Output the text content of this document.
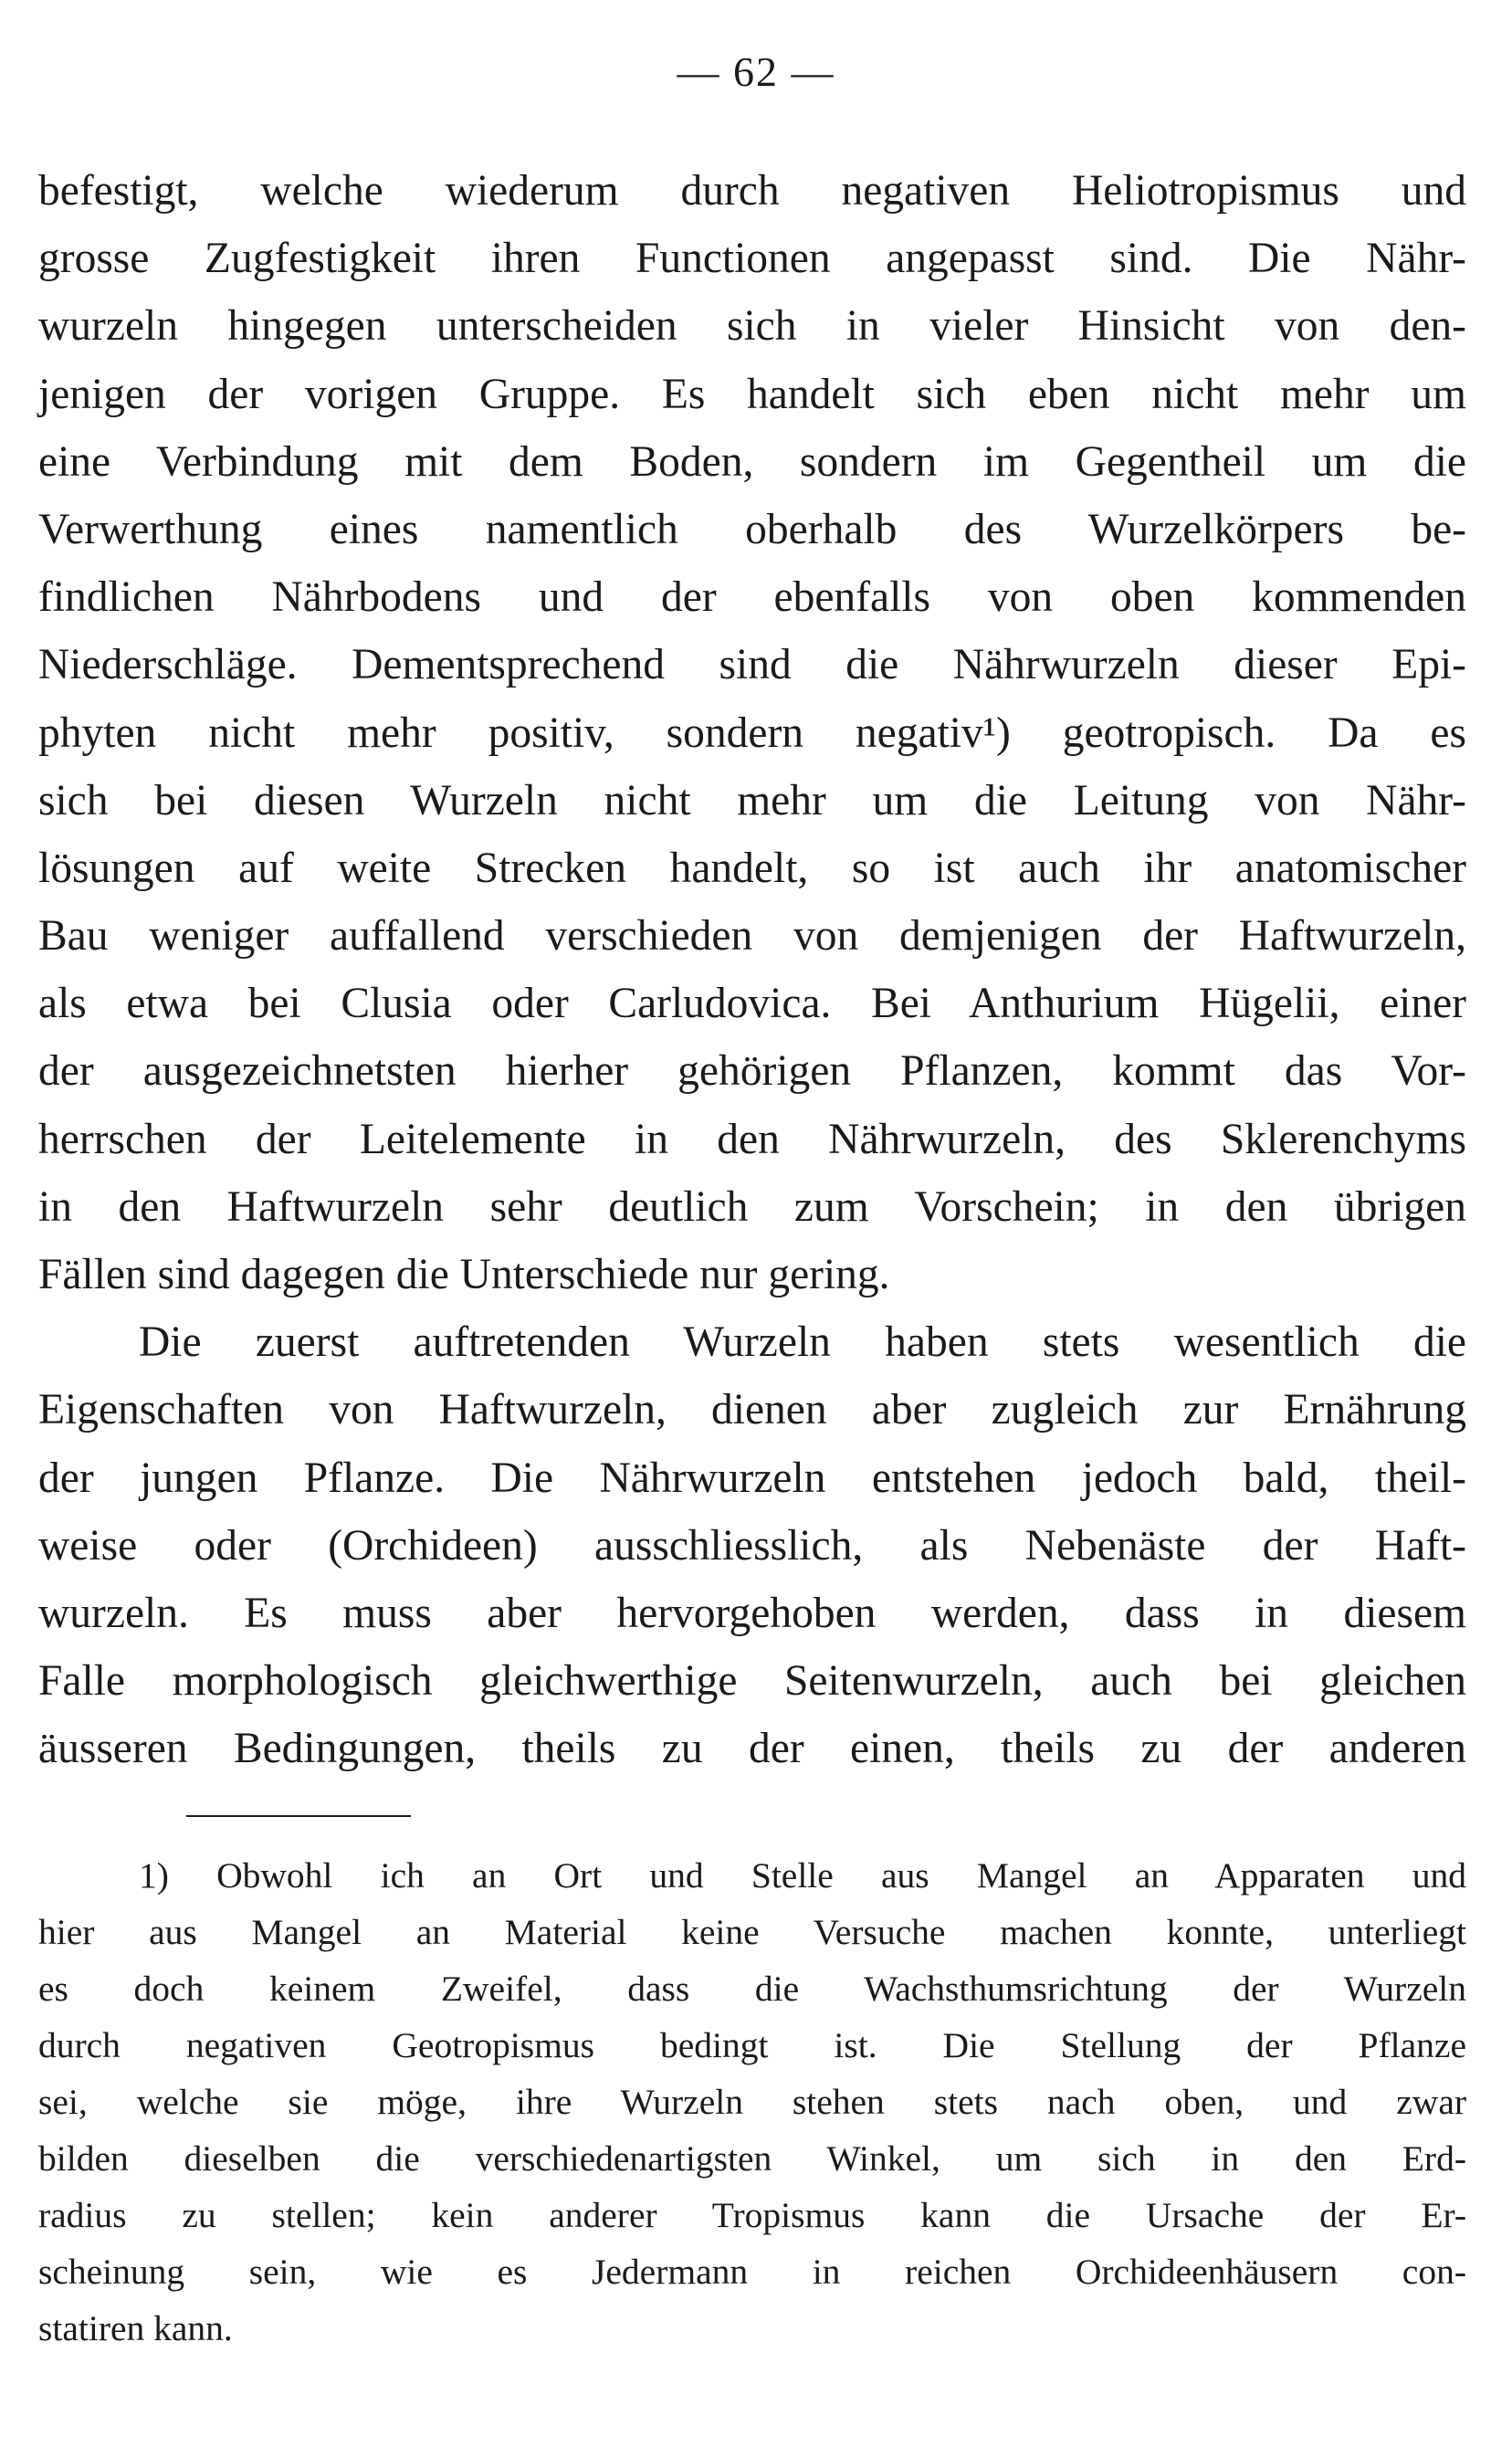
— 62 —
befestigt, welche wiederum durch negativen Heliotropismus und
grosse Zugfestigkeit ihren Functionen angepasst sind. Die Nähr-
wurzeln hingegen unterscheiden sich in vieler Hinsicht von den-
jenigen der vorigen Gruppe. Es handelt sich eben nicht mehr um
eine Verbindung mit dem Boden, sondern im Gegentheil um die
Verwerthung eines namentlich oberhalb des Wurzelkörpers be-
findlichen Nährbodens und der ebenfalls von oben kommenden
Niederschläge. Dementsprechend sind die Nährwurzeln dieser Epi-
phyten nicht mehr positiv, sondern negativ¹) geotropisch. Da es
sich bei diesen Wurzeln nicht mehr um die Leitung von Nähr-
lösungen auf weite Strecken handelt, so ist auch ihr anatomischer
Bau weniger auffallend verschieden von demjenigen der Haftwurzeln,
als etwa bei Clusia oder Carludovica. Bei Anthurium Hügelii, einer
der ausgezeichnetsten hierher gehörigen Pflanzen, kommt das Vor-
herrschen der Leitelemente in den Nährwurzeln, des Sklerenchyms
in den Haftwurzeln sehr deutlich zum Vorschein; in den übrigen
Fällen sind dagegen die Unterschiede nur gering.
Die zuerst auftretenden Wurzeln haben stets wesentlich die
Eigenschaften von Haftwurzeln, dienen aber zugleich zur Ernährung
der jungen Pflanze. Die Nährwurzeln entstehen jedoch bald, theil-
weise oder (Orchideen) ausschliesslich, als Nebenäste der Haft-
wurzeln. Es muss aber hervorgehoben werden, dass in diesem
Falle morphologisch gleichwerthige Seitenwurzeln, auch bei gleichen
äusseren Bedingungen, theils zu der einen, theils zu der anderen
1) Obwohl ich an Ort und Stelle aus Mangel an Apparaten und
hier aus Mangel an Material keine Versuche machen konnte, unterliegt
es doch keinem Zweifel, dass die Wachsthumsrichtung der Wurzeln
durch negativen Geotropismus bedingt ist. Die Stellung der Pflanze
sei, welche sie möge, ihre Wurzeln stehen stets nach oben, und zwar
bilden dieselben die verschiedenartigsten Winkel, um sich in den Erd-
radius zu stellen; kein anderer Tropismus kann die Ursache der Er-
scheinung sein, wie es Jedermann in reichen Orchideenhäusern con-
statiren kann.
